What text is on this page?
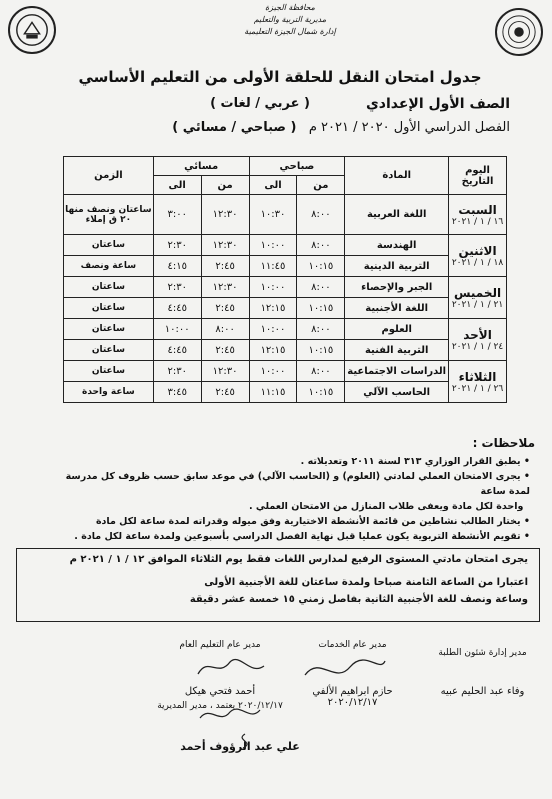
محافظة الجيزة
مديرية التربية والتعليم
إدارة شمال الجيزة التعليمية
جدول امتحان النقل للحلقة الأولى من التعليم الأساسي
الصف الأول الإعدادي
( عربي / لغات )
الفصل الدراسي الأول ٢٠٢٠ / ٢٠٢١ م   ( صباحي / مسائي )
اليوم
التاريخ	المادة	صباحي		مسائي		الزمن
		من	الى	من	الى	

السبت
١٦ / ١ / ٢٠٢١	اللغة العربية	٨:٠٠	١٠:٣٠	١٢:٣٠	٣:٠٠	ساعتان ونصف منها ٢٠ ق إملاء

الاثنين
١٨ / ١ / ٢٠٢١	الهندسة	٨:٠٠	١٠:٠٠	١٢:٣٠	٢:٣٠	ساعتان
	التربية الدينية	١٠:١٥	١١:٤٥	٢:٤٥	٤:١٥	ساعة ونصف

الخميس
٢١ / ١ / ٢٠٢١	الجبر والإحصاء	٨:٠٠	١٠:٠٠	١٢:٣٠	٢:٣٠	ساعتان
	اللغة الأجنبية	١٠:١٥	١٢:١٥	٢:٤٥	٤:٤٥	ساعتان

الأحد
٢٤ / ١ / ٢٠٢١	العلوم	٨:٠٠	١٠:٠٠	٨:٠٠	١٠:٠٠	ساعتان
	التربية الفنية	١٠:١٥	١٢:١٥	٢:٤٥	٤:٤٥	ساعتان

الثلاثاء
٢٦ / ١ / ٢٠٢١	الدراسات الاجتماعية	٨:٠٠	١٠:٠٠	١٢:٣٠	٢:٣٠	ساعتان
	الحاسب الآلي	١٠:١٥	١١:١٥	٢:٤٥	٣:٤٥	ساعة واحدة
ملاحظات :

• يطبق القرار الوزاري ٣١٣ لسنة ٢٠١١ وتعديلاته .

• يجرى الامتحان العملي لمادتي (العلوم) و (الحاسب الآلي) في موعد سابق حسب ظروف كل مدرسة لمدة ساعة

واحدة لكل مادة ويعفى طلاب المنازل من الامتحان العملي .

• يختار الطالب نشاطين من قائمة الأنشطة الاختيارية وفق ميوله وقدراته لمدة ساعة لكل مادة

• تقويم الأنشطة التربوية يكون عمليا قبل نهاية الفصل الدراسي بأسبوعين ولمدة ساعة لكل مادة .

يجرى امتحان مادتي المستوى الرفيع لمدارس اللغات فقط يوم الثلاثاء الموافق ١٢ / ١ / ٢٠٢١ م
اعتبارا من الساعة الثامنة صباحا ولمدة ساعتان للغة الأجنبية الأولى
وساعة ونصف للغة الأجنبية الثانية بفاصل زمني ١٥ خمسة عشر دقيقة
مدير إدارة شئون الطلبة
وفاء عبد الحليم عبيه
مدير عام الخدمات
حازم ابراهيم الألفي
٢٠٢٠/١٢/١٧
مدير عام التعليم العام
أحمد فتحي هيكل
٢٠٢٠/١٢/١٧ يعتمد ، مدير المديرية
علي عبد الرؤوف أحمد
